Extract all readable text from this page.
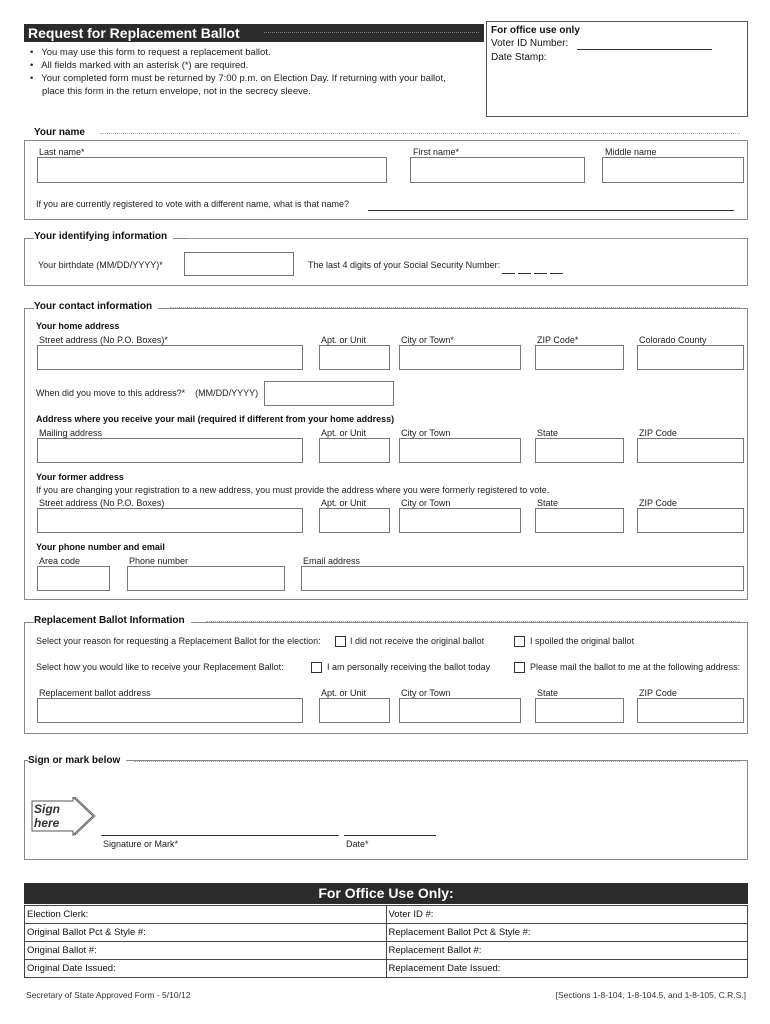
Request for Replacement Ballot
•   You may use this form to request a replacement ballot.
•   All fields marked with an asterisk (*) are required.
•   Your completed form must be returned by 7:00 p.m. on Election Day. If returning with your ballot,
place this form in the return envelope, not in the secrecy sleeve.
For office use only
Voter ID Number:
Date Stamp:
Your name
Last name*	First name*	Middle name
If you are currently registered to vote with a different name, what is that name?
Your identifying information
Your birthdate (MM/DD/YYYY)*	The last 4 digits of your Social Security Number:
Your contact information
Your home address
Street address (No P.O. Boxes)*	Apt. or Unit	City or Town*	ZIP Code*	Colorado County
When did you move to this address?* (MM/DD/YYYY)
Address where you receive your mail (required if different from your home address)
Mailing address	Apt. or Unit	City or Town	State	ZIP Code
Your former address
If you are changing your registration to a new address, you must provide the address where you were formerly registered to vote.
Street address (No P.O. Boxes)	Apt. or Unit	City or Town	State	ZIP Code
Your phone number and email
Area code	Phone number	Email address
Replacement Ballot Information
Select your reason for requesting a Replacement Ballot for the election:	I did not receive the original ballot	I spoiled the original ballot
Select how you would like to receive your Replacement Ballot:	I am personally receiving the ballot today	Please mail the ballot to me at the following address:
Replacement ballot address	Apt. or Unit	City or Town	State	ZIP Code
Sign or mark below
Sign
here
Signature or Mark*	Date*
For Office Use Only:
Election Clerk:	Voter ID #:
Original Ballot Pct & Style #:	Replacement Ballot Pct & Style #:
Original Ballot #:	Replacement Ballot #:
Original Date Issued:	Replacement Date Issued:
Secretary of State Approved Form - 5/10/12	[Sections 1-8-104, 1-8-104.5, and 1-8-105, C.R.S.]
